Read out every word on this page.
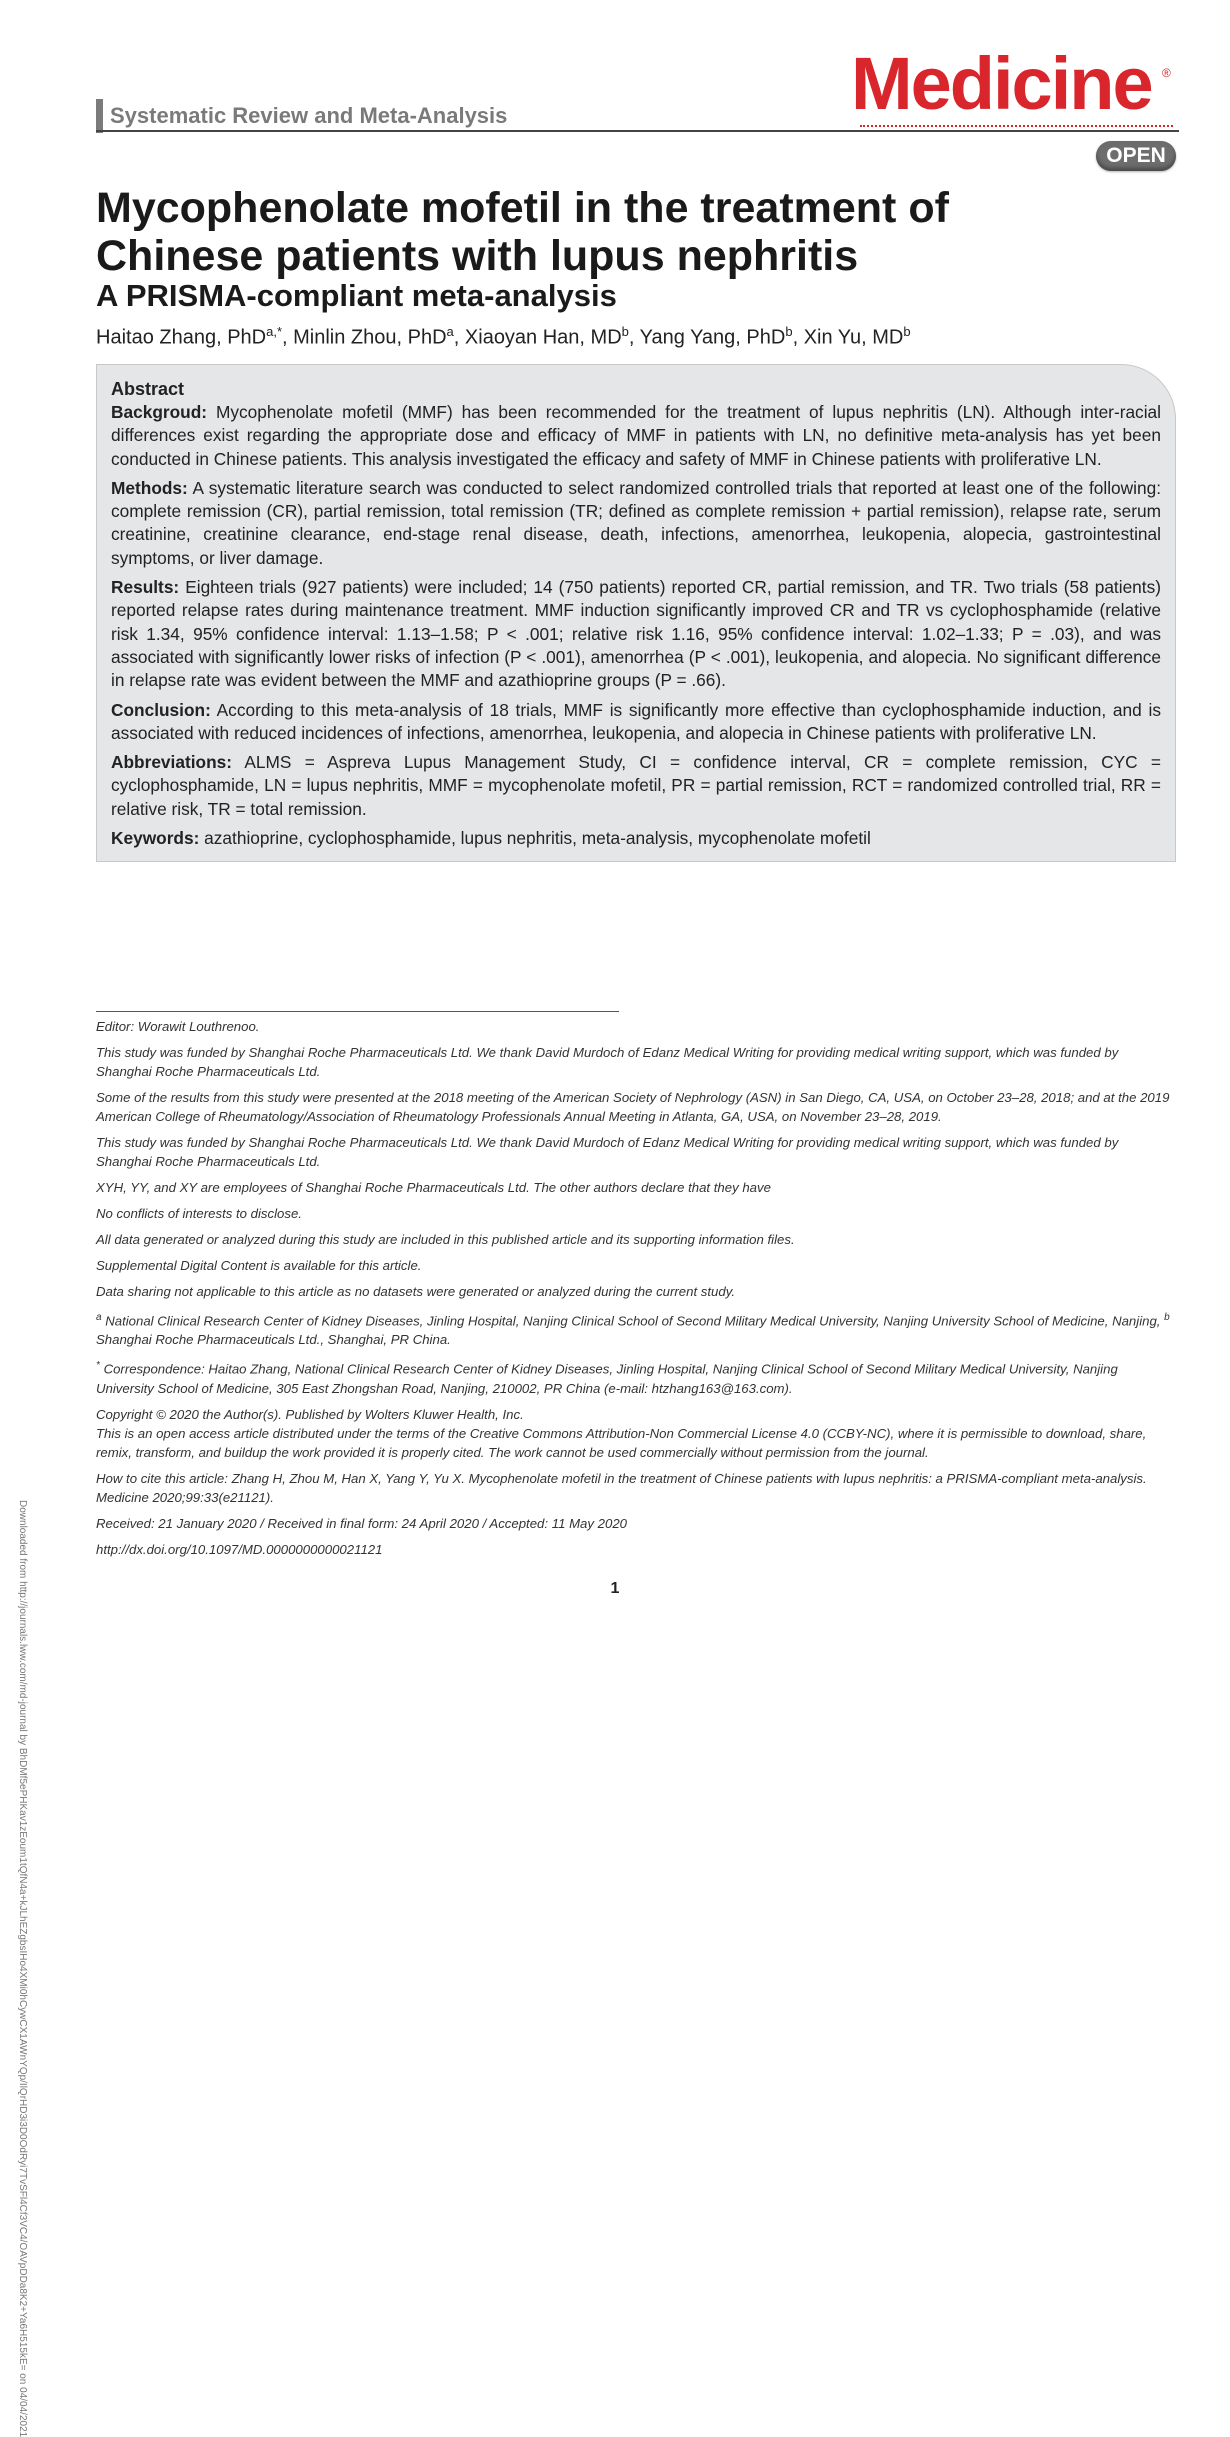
Systematic Review and Meta-Analysis	Medicine ®
OPEN
Mycophenolate mofetil in the treatment of Chinese patients with lupus nephritis
A PRISMA-compliant meta-analysis

Haitao Zhang, PhD$^{a,*}$, Minlin Zhou, PhD$^a$, Xiaoyan Han, $MD^b$, Yang Yang, PhD$^b$, Xin Yu, $MD^b$

Abstract

Backgroud: Mycophenolate mofetil (MMF) has been recommended for the treatment of lupus nephritis (LN). Although inter-racial differences exist regarding the appropriate dose and efficacy of MMF in patients with LN, no definitive meta-analysis has yet been conducted in Chinese patients. This analysis investigated the efficacy and safety of MMF in Chinese patients with proliferative LN.

Methods: A systematic literature search was conducted to select randomized controlled trials that reported at least one of the following: complete remission (CR), partial remission, total remission (TR; defined as complete remission + partial remission), relapse rate, serum creatinine, creatinine clearance, end-stage renal disease, death, infections, amenorrhea, leukopenia, alopecia, gastrointestinal symptoms, or liver damage.

Results: Eighteen trials (927 patients) were included; 14 (750 patients) reported CR, partial remission, and TR. Two trials (58 patients) reported relapse rates during maintenance treatment. MMF induction significantly improved CR and TR vs cyclophosphamide (relative risk 1.34, 95% confidence interval: 1.13–1.58; P < .001; relative risk 1.16, 95% confidence interval: 1.02–1.33; P = .03), and was associated with significantly lower risks of infection (P < .001), amenorrhea (P < .001), leukopenia, and alopecia. No significant difference in relapse rate was evident between the MMF and azathioprine groups (P = .66).

Conclusion: According to this meta-analysis of 18 trials, MMF is significantly more effective than cyclophosphamide induction, and is associated with reduced incidences of infections, amenorrhea, leukopenia, and alopecia in Chinese patients with proliferative LN.

Abbreviations: ALMS = Aspreva Lupus Management Study, CI = confidence interval, CR = complete remission, CYC = cyclophosphamide, LN = lupus nephritis, MMF = mycophenolate mofetil, PR = partial remission, RCT = randomized controlled trial, RR = relative risk, TR = total remission.

Keywords: azathioprine, cyclophosphamide, lupus nephritis, meta-analysis, mycophenolate mofetil

Downloaded from http://journals.lww.com/md-journal by BhDMf5ePHKav1zEoum1tQfN4a+kJLhEZgbsIHo4XMi0hCywCX1AWnYQp/IlQrHD3i3D0OdRyi7TvSFl4Cf3VC4/OAVpDDa8K2+Ya6H515kE= on 04/04/2021

Editor: Worawit Louthrenoo.

This study was funded by Shanghai Roche Pharmaceuticals Ltd. We thank David Murdoch of Edanz Medical Writing for providing medical writing support, which was funded by Shanghai Roche Pharmaceuticals Ltd.

Some of the results from this study were presented at the 2018 meeting of the American Society of Nephrology (ASN) in San Diego, CA, USA, on October 23–28, 2018; and at the 2019 American College of Rheumatology/Association of Rheumatology Professionals Annual Meeting in Atlanta, GA, USA, on November 23–28, 2019.

This study was funded by Shanghai Roche Pharmaceuticals Ltd. We thank David Murdoch of Edanz Medical Writing for providing medical writing support, which was funded by Shanghai Roche Pharmaceuticals Ltd.

XYH, YY, and XY are employees of Shanghai Roche Pharmaceuticals Ltd. The other authors declare that they have

No conflicts of interests to disclose.

All data generated or analyzed during this study are included in this published article and its supporting information files.

Supplemental Digital Content is available for this article.

Data sharing not applicable to this article as no datasets were generated or analyzed during the current study.

$^a$ National Clinical Research Center of Kidney Diseases, Jinling Hospital, Nanjing Clinical School of Second Military Medical University, Nanjing University School of Medicine, Nanjing, $^b$ Shanghai Roche Pharmaceuticals Ltd., Shanghai, PR China.

* Correspondence: Haitao Zhang, National Clinical Research Center of Kidney Diseases, Jinling Hospital, Nanjing Clinical School of Second Military Medical University, Nanjing University School of Medicine, 305 East Zhongshan Road, Nanjing, 210002, PR China (e-mail: htzhang163@163.com).

Copyright © 2020 the Author(s). Published by Wolters Kluwer Health, Inc.

This is an open access article distributed under the terms of the Creative Commons Attribution-Non Commercial License 4.0 (CCBY-NC), where it is permissible to download, share, remix, transform, and buildup the work provided it is properly cited. The work cannot be used commercially without permission from the journal.

How to cite this article: Zhang H, Zhou M, Han X, Yang Y, Yu X. Mycophenolate mofetil in the treatment of Chinese patients with lupus nephritis: a PRISMA-compliant meta-analysis. Medicine 2020;99:33(e21121).

Received: 21 January 2020 / Received in final form: 24 April 2020 / Accepted: 11 May 2020

http://dx.doi.org/10.1097/MD.0000000000021121

1
